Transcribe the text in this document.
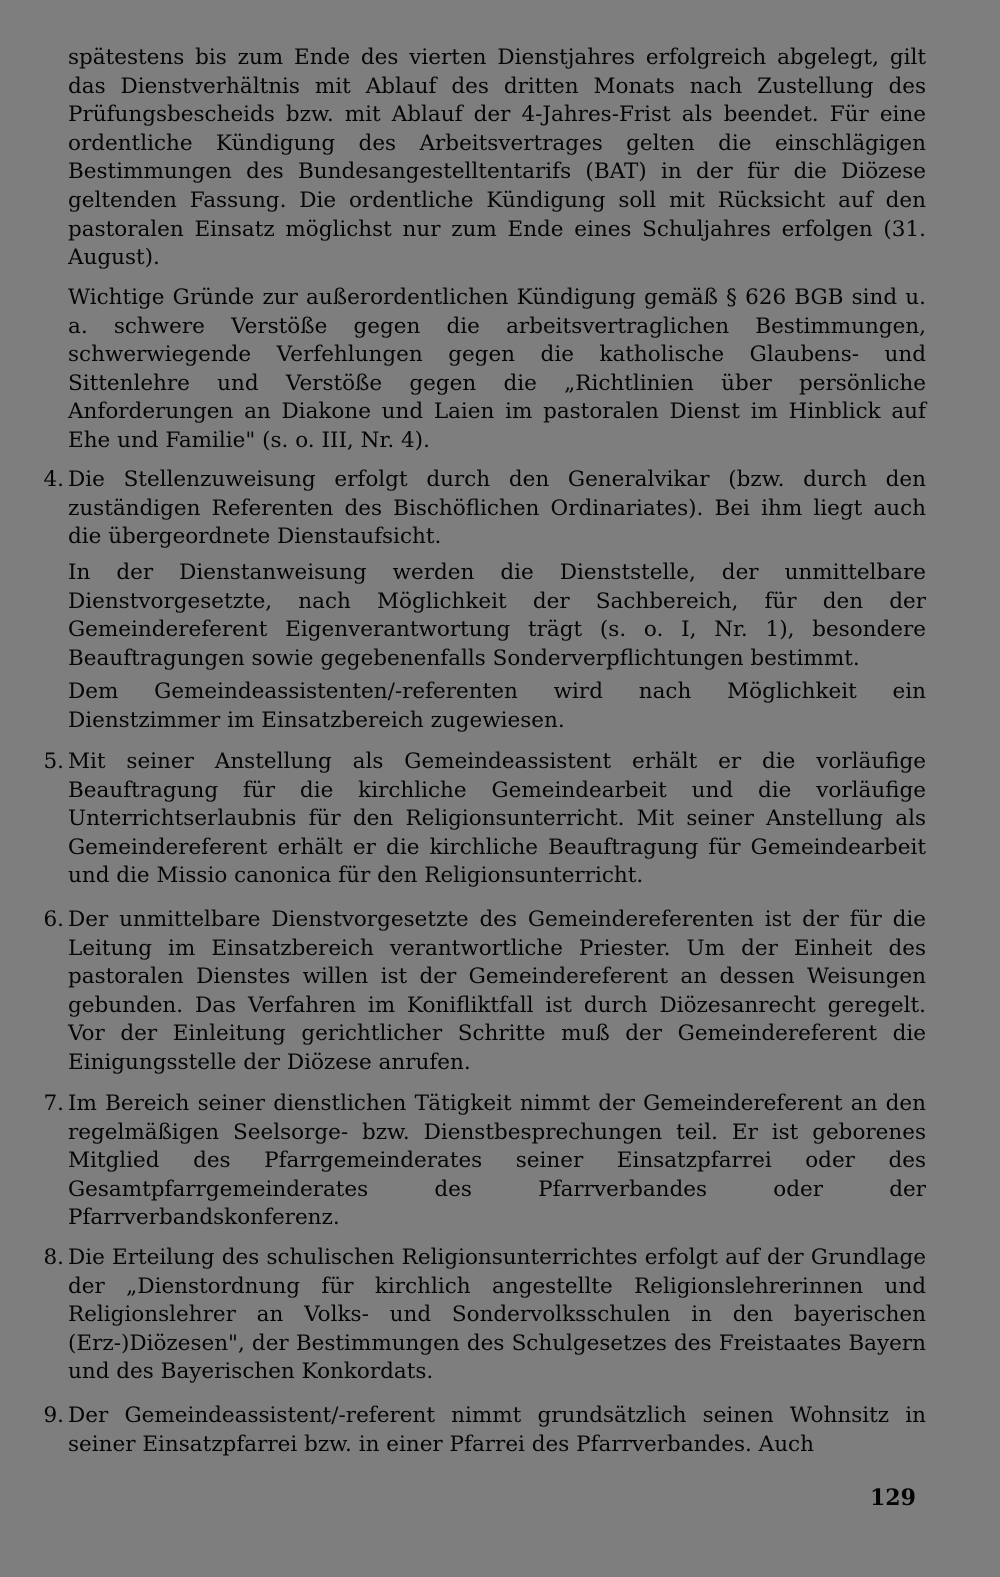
spätestens bis zum Ende des vierten Dienstjahres erfolgreich abgelegt, gilt das Dienstverhältnis mit Ablauf des dritten Monats nach Zustellung des Prüfungsbescheids bzw. mit Ablauf der 4-Jahres-Frist als beendet. Für eine ordentliche Kündigung des Arbeitsvertrages gelten die einschlägigen Bestimmungen des Bundesangestelltentarifs (BAT) in der für die Diözese geltenden Fassung. Die ordentliche Kündigung soll mit Rücksicht auf den pastoralen Einsatz möglichst nur zum Ende eines Schuljahres erfolgen (31. August).

Wichtige Gründe zur außerordentlichen Kündigung gemäß § 626 BGB sind u. a. schwere Verstöße gegen die arbeitsvertraglichen Bestimmungen, schwerwiegende Verfehlungen gegen die katholische Glaubens- und Sittenlehre und Verstöße gegen die „Richtlinien über persönliche Anforderungen an Diakone und Laien im pastoralen Dienst im Hinblick auf Ehe und Familie" (s. o. III, Nr. 4).

4. Die Stellenzuweisung erfolgt durch den Generalvikar (bzw. durch den zuständigen Referenten des Bischöflichen Ordinariates). Bei ihm liegt auch die übergeordnete Dienstaufsicht.

In der Dienstanweisung werden die Dienststelle, der unmittelbare Dienstvorgesetzte, nach Möglichkeit der Sachbereich, für den der Gemeindereferent Eigenverantwortung trägt (s. o. I, Nr. 1), besondere Beauftragungen sowie gegebenenfalls Sonderverpflichtungen bestimmt.

Dem Gemeindeassistenten/-referenten wird nach Möglichkeit ein Dienstzimmer im Einsatzbereich zugewiesen.

5. Mit seiner Anstellung als Gemeindeassistent erhält er die vorläufige Beauftragung für die kirchliche Gemeindearbeit und die vorläufige Unterrichtserlaubnis für den Religionsunterricht. Mit seiner Anstellung als Gemeindereferent erhält er die kirchliche Beauftragung für Gemeindearbeit und die Missio canonica für den Religionsunterricht.

6. Der unmittelbare Dienstvorgesetzte des Gemeindereferenten ist der für die Leitung im Einsatzbereich verantwortliche Priester. Um der Einheit des pastoralen Dienstes willen ist der Gemeindereferent an dessen Weisungen gebunden. Das Verfahren im Konifliktfall ist durch Diözesanrecht geregelt. Vor der Einleitung gerichtlicher Schritte muß der Gemeindereferent die Einigungsstelle der Diözese anrufen.

7. Im Bereich seiner dienstlichen Tätigkeit nimmt der Gemeindereferent an den regelmäßigen Seelsorge- bzw. Dienstbesprechungen teil. Er ist geborenes Mitglied des Pfarrgemeinderates seiner Einsatzpfarrei oder des Gesamtpfarrgemeinderates des Pfarrverbandes oder der Pfarrverbandskonferenz.

8. Die Erteilung des schulischen Religionsunterrichtes erfolgt auf der Grundlage der „Dienstordnung für kirchlich angestellte Religionslehrerinnen und Religionslehrer an Volks- und Sondervolksschulen in den bayerischen (Erz-)Diözesen", der Bestimmungen des Schulgesetzes des Freistaates Bayern und des Bayerischen Konkordats.

9. Der Gemeindeassistent/-referent nimmt grundsätzlich seinen Wohnsitz in seiner Einsatzpfarrei bzw. in einer Pfarrei des Pfarrverbandes. Auch

129
